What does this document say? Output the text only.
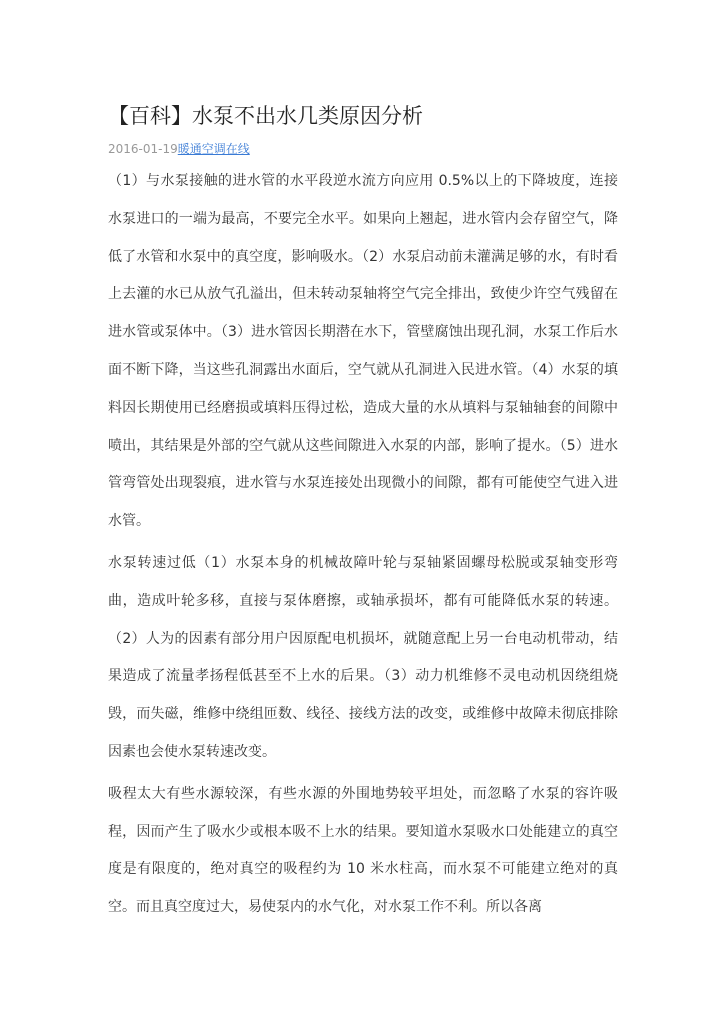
【百科】水泵不出水几类原因分析
2016-01-19暖通空调在线

（1）与水泵接触的进水管的水平段逆水流方向应用 0.5%以上的下降坡度，连接水泵进口的一端为最高，不要完全水平。如果向上翘起，进水管内会存留空气，降低了水管和水泵中的真空度，影响吸水。（2）水泵启动前未灌满足够的水，有时看上去灌的水已从放气孔溢出，但未转动泵轴将空气完全排出，致使少许空气残留在进水管或泵体中。（3）进水管因长期潜在水下，管壁腐蚀出现孔洞，水泵工作后水面不断下降，当这些孔洞露出水面后，空气就从孔洞进入民进水管。（4）水泵的填料因长期使用已经磨损或填料压得过松，造成大量的水从填料与泵轴轴套的间隙中喷出，其结果是外部的空气就从这些间隙进入水泵的内部，影响了提水。（5）进水管弯管处出现裂痕，进水管与水泵连接处出现微小的间隙，都有可能使空气进入进水管。

水泵转速过低（1）水泵本身的机械故障叶轮与泵轴紧固螺母松脱或泵轴变形弯曲，造成叶轮多移，直接与泵体磨擦，或轴承损坏，都有可能降低水泵的转速。（2）人为的因素有部分用户因原配电机损坏，就随意配上另一台电动机带动，结果造成了流量孝扬程低甚至不上水的后果。（3）动力机维修不灵电动机因绕组烧毁，而失磁，维修中绕组匝数、线径、接线方法的改变，或维修中故障未彻底排除因素也会使水泵转速改变。

吸程太大有些水源较深，有些水源的外围地势较平坦处，而忽略了水泵的容许吸程，因而产生了吸水少或根本吸不上水的结果。要知道水泵吸水口处能建立的真空度是有限度的，绝对真空的吸程约为 10 米水柱高，而水泵不可能建立绝对的真空。而且真空度过大，易使泵内的水气化，对水泵工作不利。所以各离
